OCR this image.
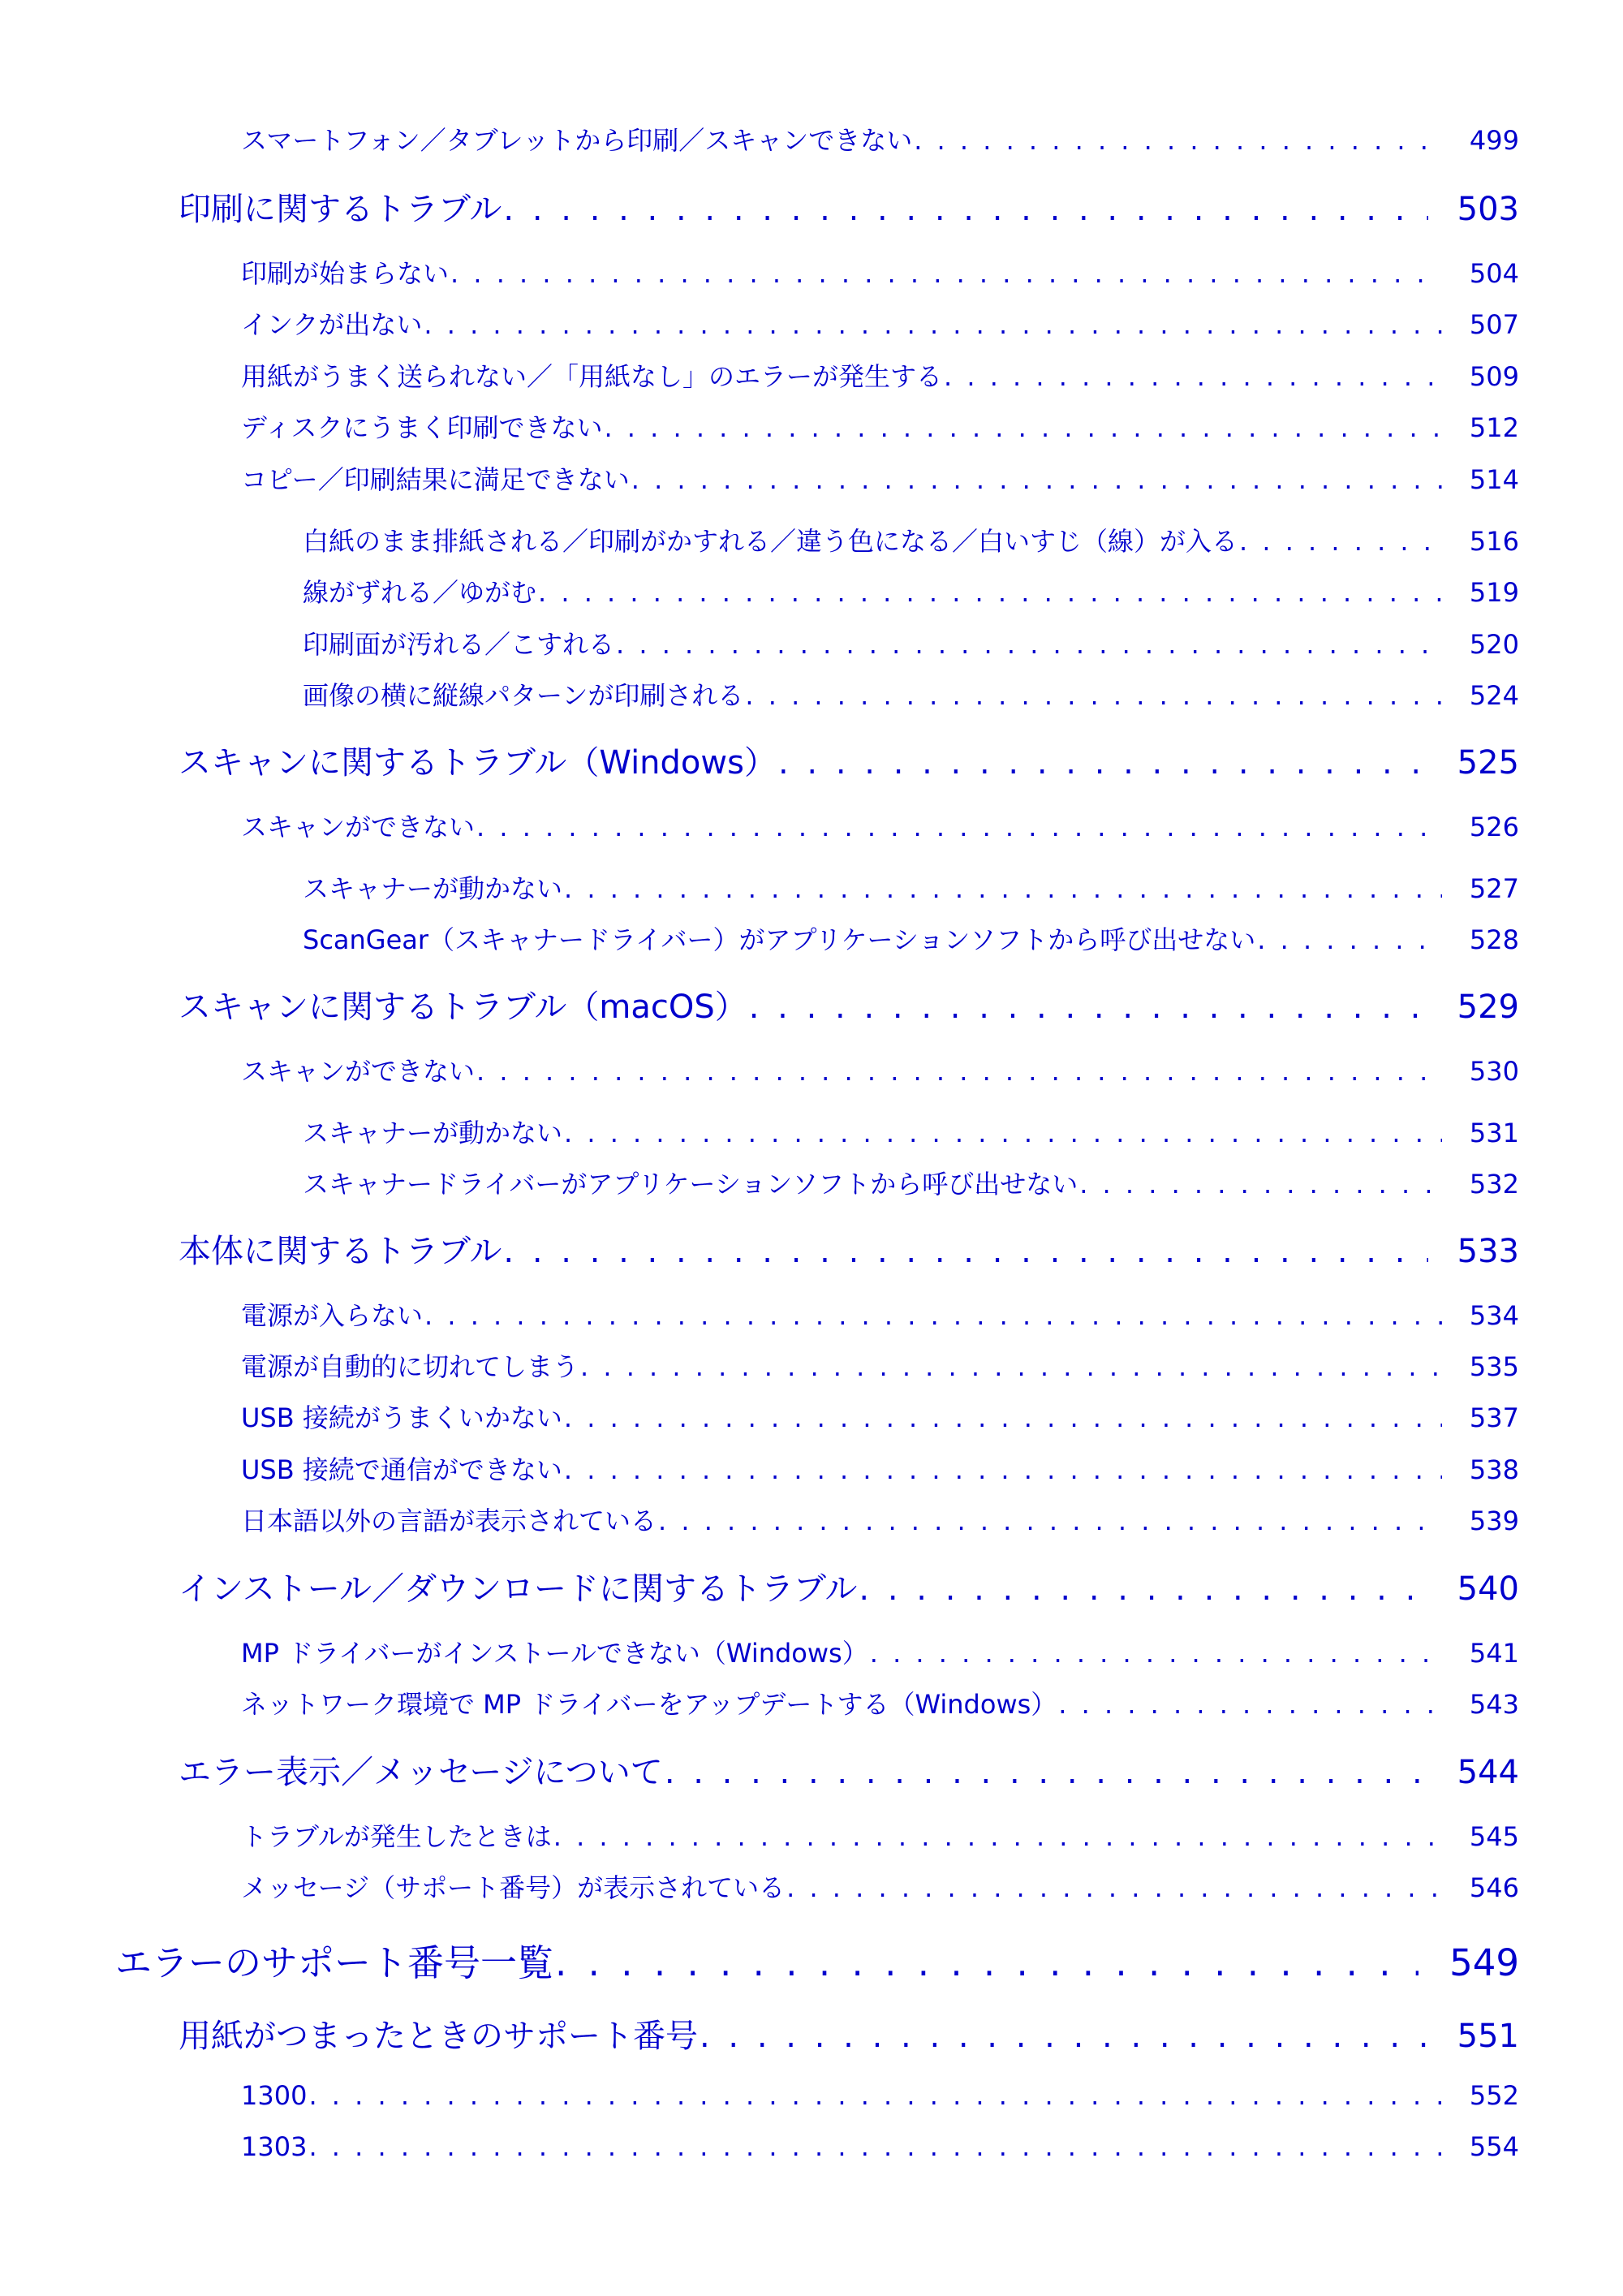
スマートフォン／タブレットから印刷／スキャンできない . . .	499
印刷に関するトラブル . . .	503
印刷が始まらない . . .	504
インクが出ない . . .	507
用紙がうまく送られない／「用紙なし」のエラーが発生する . . .	509
ディスクにうまく印刷できない . . .	512
コピー／印刷結果に満足できない . . .	514
白紙のまま排紙される／印刷がかすれる／違う色になる／白いすじ（線）が入る . . .	516
線がずれる／ゆがむ . . .	519
印刷面が汚れる／こすれる . . .	520
画像の横に縦線パターンが印刷される . . .	524
スキャンに関するトラブル（Windows） . . .	525
スキャンができない . . .	526
スキャナーが動かない . . .	527
ScanGear（スキャナードライバー）がアプリケーションソフトから呼び出せない . . .	528
スキャンに関するトラブル（macOS） . . .	529
スキャンができない . . .	530
スキャナーが動かない . . .	531
スキャナードライバーがアプリケーションソフトから呼び出せない . . .	532
本体に関するトラブル . . .	533
電源が入らない . . .	534
電源が自動的に切れてしまう . . .	535
USB 接続がうまくいかない . . .	537
USB 接続で通信ができない . . .	538
日本語以外の言語が表示されている . . .	539
インストール／ダウンロードに関するトラブル . . .	540
MP ドライバーがインストールできない（Windows） . . .	541
ネットワーク環境で MP ドライバーをアップデートする（Windows） . . .	543
エラー表示／メッセージについて . . .	544
トラブルが発生したときは . . .	545
メッセージ（サポート番号）が表示されている . . .	546
エラーのサポート番号一覧 . . .	549
用紙がつまったときのサポート番号 . . .	551
1300 . . .	552
1303 . . .	554
